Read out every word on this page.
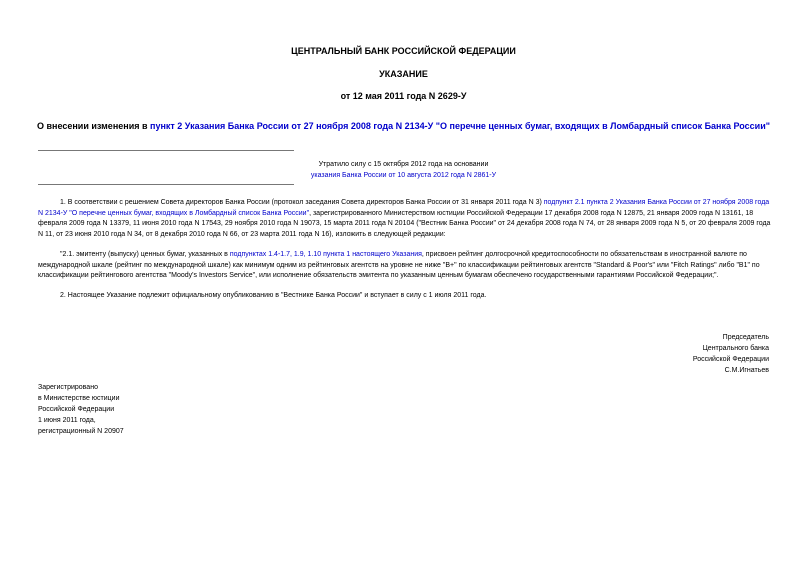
ЦЕНТРАЛЬНЫЙ БАНК РОССИЙСКОЙ ФЕДЕРАЦИИ
УКАЗАНИЕ
от 12 мая 2011 года N 2629-У
О внесении изменения в пункт 2 Указания Банка России от 27 ноября 2008 года N 2134-У "О перечне ценных бумаг, входящих в Ломбардный список Банка России"
Утратило силу с 15 октября 2012 года на основании
указания Банка России от 10 августа 2012 года N 2861-У
1. В соответствии с решением Совета директоров Банка России (протокол заседания Совета директоров Банка России от 31 января 2011 года N 3) подпункт 2.1 пункта 2 Указания Банка России от 27 ноября 2008 года N 2134-У "О перечне ценных бумаг, входящих в Ломбардный список Банка России", зарегистрированного Министерством юстиции Российской Федерации 17 декабря 2008 года N 12875, 21 января 2009 года N 13161, 18 февраля 2009 года N 13379, 11 июня 2010 года N 17543, 29 ноября 2010 года N 19073, 15 марта 2011 года N 20104 ("Вестник Банка России" от 24 декабря 2008 года N 74, от 28 января 2009 года N 5, от 20 февраля 2009 года N 11, от 23 июня 2010 года N 34, от 8 декабря 2010 года N 66, от 23 марта 2011 года N 16), изложить в следующей редакции:
"2.1. эмитенту (выпуску) ценных бумаг, указанных в подпунктах 1.4-1.7, 1.9, 1.10 пункта 1 настоящего Указания, присвоен рейтинг долгосрочной кредитоспособности по обязательствам в иностранной валюте по международной шкале (рейтинг по международной шкале) как минимум одним из рейтинговых агентств на уровне не ниже "B+" по классификации рейтинговых агентств "Standard & Poor's" или "Fitch Ratings" либо "B1" по классификации рейтингового агентства "Moody's Investors Service", или исполнение обязательств эмитента по указанным ценным бумагам обеспечено государственными гарантиями Российской Федерации;".
2. Настоящее Указание подлежит официальному опубликованию в "Вестнике Банка России" и вступает в силу с 1 июля 2011 года.
Председатель
Центрального банка
Российской Федерации
С.М.Игнатьев
Зарегистрировано
в Министерстве юстиции
Российской Федерации
1 июня 2011 года,
регистрационный N 20907
